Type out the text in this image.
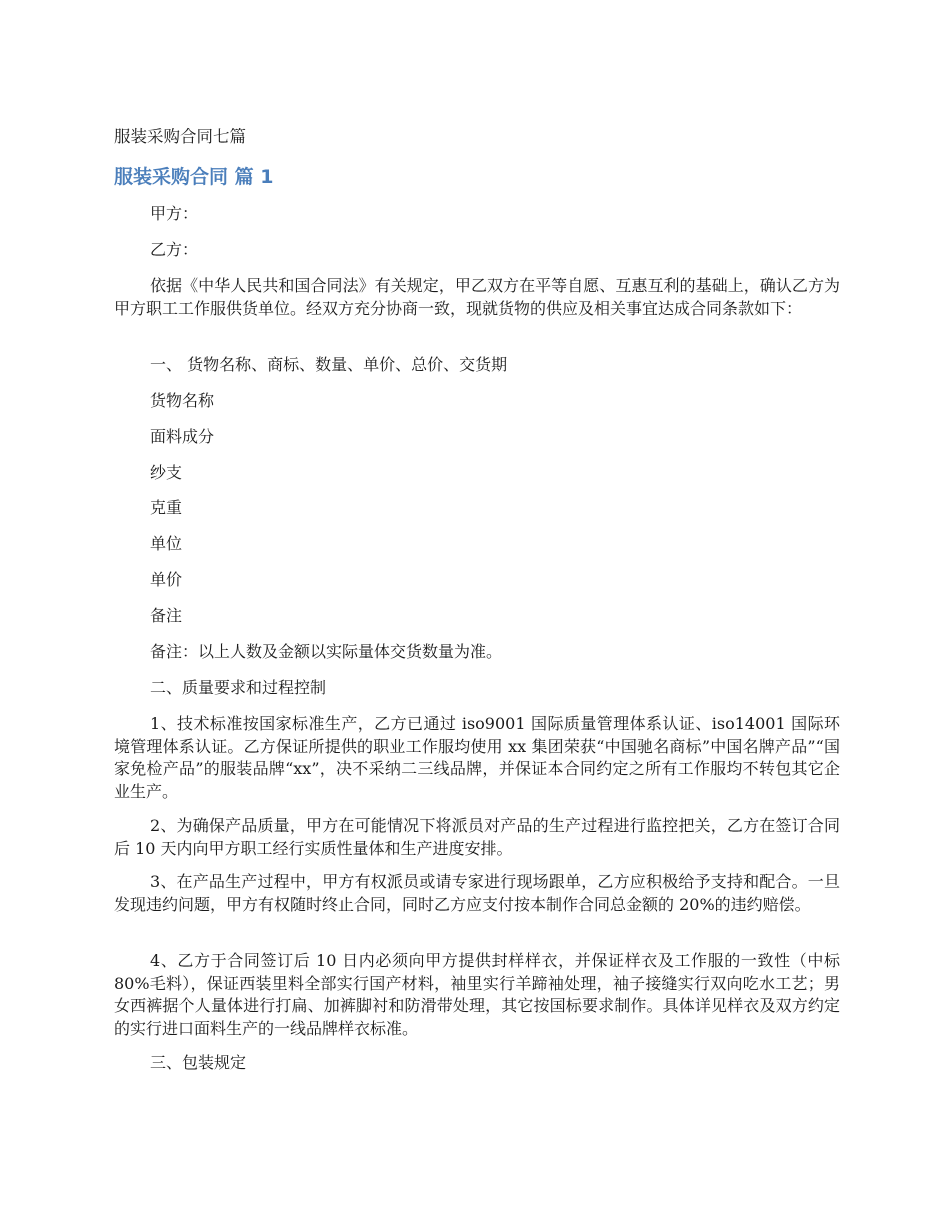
服装采购合同七篇
服装采购合同 篇 1

甲方：

乙方：

依据《中华人民共和国合同法》有关规定，甲乙双方在平等自愿、互惠互利的基础上，确认乙方为甲方职工工作服供货单位。经双方充分协商一致，现就货物的供应及相关事宜达成合同条款如下：

一、 货物名称、商标、数量、单价、总价、交货期

货物名称

面料成分

纱支

克重

单位

单价

备注

备注：以上人数及金额以实际量体交货数量为准。

二、质量要求和过程控制

1、技术标准按国家标准生产，乙方已通过 iso9001 国际质量管理体系认证、iso14001 国际环境管理体系认证。乙方保证所提供的职业工作服均使用 xx 集团荣获“中国驰名商标”中国名牌产品”“国家免检产品”的服装品牌“xx”，决不采纳二三线品牌，并保证本合同约定之所有工作服均不转包其它企业生产。

2、为确保产品质量，甲方在可能情况下将派员对产品的生产过程进行监控把关，乙方在签订合同后 10 天内向甲方职工经行实质性量体和生产进度安排。

3、在产品生产过程中，甲方有权派员或请专家进行现场跟单，乙方应积极给予支持和配合。一旦发现违约问题，甲方有权随时终止合同，同时乙方应支付按本制作合同总金额的 20%的违约赔偿。

4、乙方于合同签订后 10 日内必须向甲方提供封样样衣，并保证样衣及工作服的一致性（中标 80%毛料），保证西装里料全部实行国产材料，袖里实行羊蹄袖处理，袖子接缝实行双向吃水工艺；男女西裤据个人量体进行打扁、加裤脚衬和防滑带处理，其它按国标要求制作。具体详见样衣及双方约定的实行进口面料生产的一线品牌样衣标准。

三、包装规定
